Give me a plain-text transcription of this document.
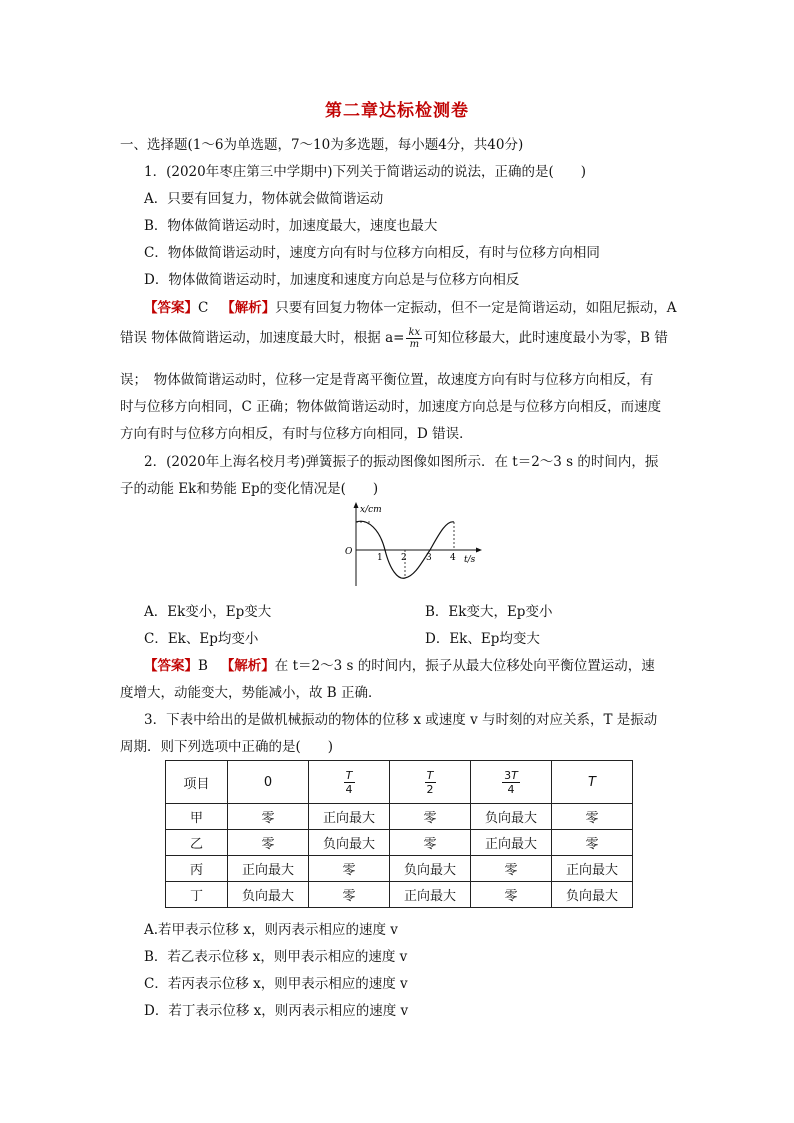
第二章达标检测卷
一、选择题(1～6为单选题，7～10为多选题，每小题4分，共40分)
1．(2020年枣庄第三中学期中)下列关于简谐运动的说法，正确的是(　　)
A．只要有回复力，物体就会做简谐运动
B．物体做简谐运动时，加速度最大，速度也最大
C．物体做简谐运动时，速度方向有时与位移方向相反，有时与位移方向相同
D．物体做简谐运动时，加速度和速度方向总是与位移方向相反
【答案】C 【解析】只要有回复力物体一定振动，但不一定是简谐运动，如阻尼振动，A
错误 物体做简谐运动，加速度最大时，根据 $a= \frac{kx}{m}$ 可知位移最大，此时速度最小为零，B 错
误；　物体做简谐运动时，位移一定是背离平衡位置，故速度方向有时与位移方向相反，有
时与位移方向相同，C 正确；物体做简谐运动时，加速度方向总是与位移方向相反，而速度
方向有时与位移方向相反，有时与位移方向相同，D 错误．
2．(2020年上海名校月考)弹簧振子的振动图像如图所示．在 t＝2～3 s 的时间内，振
子的动能 Ek和势能 Ep的变化情况是(　　)
x/cm
t/s
O
1 2 3 4
A．Ek变小，Ep变大	B．Ek变大，Ep变小
C．Ek、Ep均变小	D．Ek、Ep均变大
【答案】B 【解析】在 t＝2～3 s 的时间内，振子从最大位移处向平衡位置运动，速
度增大，动能变大，势能减小，故 B 正确．
3．下表中给出的是做机械振动的物体的位移 x 或速度 v 与时刻的对应关系，T 是振动
周期．则下列选项中正确的是(　　)
项目	0	$\frac{T}{4}$	$\frac{T}{2}$	$\frac{3T}{4}$	T
甲	零	正向最大	零	负向最大	零
乙	零	负向最大	零	正向最大	零
丙	正向最大	零	负向最大	零	正向最大
丁	负向最大	零	正向最大	零	负向最大
A.若甲表示位移 x，则丙表示相应的速度 v
B．若乙表示位移 x，则甲表示相应的速度 v
C．若丙表示位移 x，则甲表示相应的速度 v
D．若丁表示位移 x，则丙表示相应的速度 v
